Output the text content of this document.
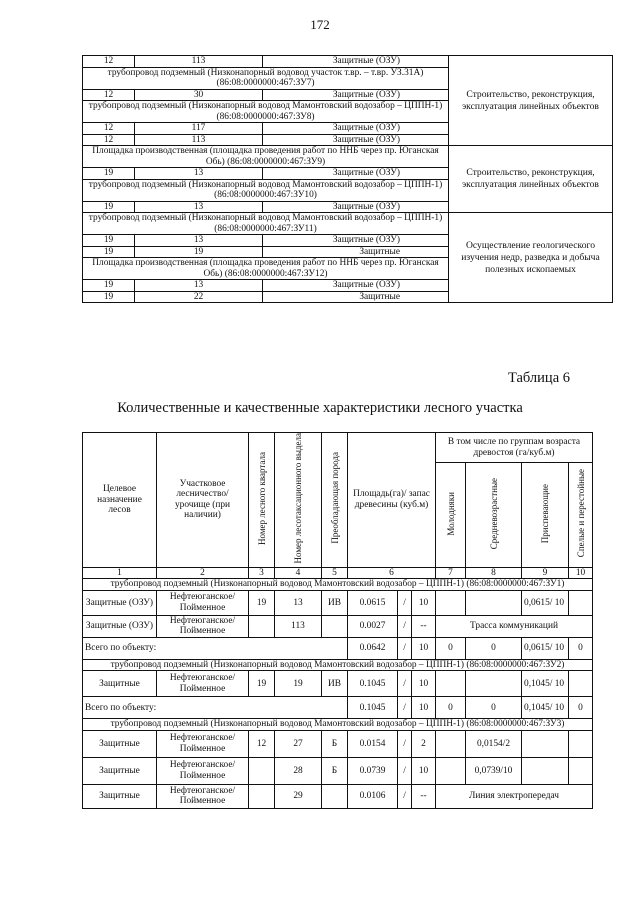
172
12	113	Защитные (ОЗУ)	Строительство, реконструкция, эксплуатация линейных объектов
трубопровод подземный (Низконапорный водовод участок т.вр. – т.вр. УЗ.31А) (86:08:0000000:467:ЗУ7)			
12	30	Защитные (ОЗУ)	
трубопровод подземный (Низконапорный водовод Мамонтовский водозабор – ЦППН-1) (86:08:0000000:467:ЗУ8)			
12	117	Защитные (ОЗУ)	
12	113	Защитные (ОЗУ)	
Площадка производственная (площадка проведения работ по ННБ через пр. Юганская Обь) (86:08:0000000:467:ЗУ9)			Строительство, реконструкция, эксплуатация линейных объектов
19	13	Защитные (ОЗУ)	
трубопровод подземный (Низконапорный водовод Мамонтовский водозабор – ЦППН-1) (86:08:0000000:467:ЗУ10)			
19	13	Защитные (ОЗУ)	
трубопровод подземный (Низконапорный водовод Мамонтовский водозабор – ЦППН-1) (86:08:0000000:467:ЗУ11)			Осуществление геологического изучения недр, разведка и добыча полезных ископаемых
19	13	Защитные (ОЗУ)	
19	19	Защитные	
Площадка производственная (площадка проведения работ по ННБ через пр. Юганская Обь) (86:08:0000000:467:ЗУ12)			
19	13	Защитные (ОЗУ)	
19	22	Защитные	
Таблица 6
Количественные и качественные характеристики лесного участка
Целевое назначение лесов	Участковое лесничество/ урочище (при наличии)	Номер лесного квартала	Номер лесотаксационного выдела	Преобладающая порода	Площадь(га)/ запас древесины (куб.м)			В том числе по группам возраста древостоя (га/куб.м)			
								Молодняки	Средневозрастные	Приспевающие	Спелые и перестойные
1	2	3	4	5	6			7	8	9	10
трубопровод подземный (Низконапорный водовод Мамонтовский водозабор – ЦППН-1) (86:08:0000000:467:ЗУ1)											
Защитные (ОЗУ)	Нефтеюганское/ Пойменное	19	13	ИВ	0.0615	/	10			0,0615/ 10	
Защитные (ОЗУ)	Нефтеюганское/ Пойменное		113		0.0027	/	--	Трасса коммуникаций			
Всего по объекту:					0.0642	/	10	0	0	0,0615/ 10	0
трубопровод подземный (Низконапорный водовод Мамонтовский водозабор – ЦППН-1) (86:08:0000000:467:ЗУ2)											
Защитные	Нефтеюганское/ Пойменное	19	19	ИВ	0.1045	/	10			0,1045/ 10	
Всего по объекту:					0.1045	/	10	0	0	0,1045/ 10	0
трубопровод подземный (Низконапорный водовод Мамонтовский водозабор – ЦППН-1) (86:08:0000000:467:ЗУ3)											
Защитные	Нефтеюганское/ Пойменное	12	27	Б	0.0154	/	2		0,0154/2		
Защитные	Нефтеюганское/ Пойменное		28	Б	0.0739	/	10		0,0739/10		
Защитные	Нефтеюганское/ Пойменное		29		0.0106	/	--	Линия электропередач			
